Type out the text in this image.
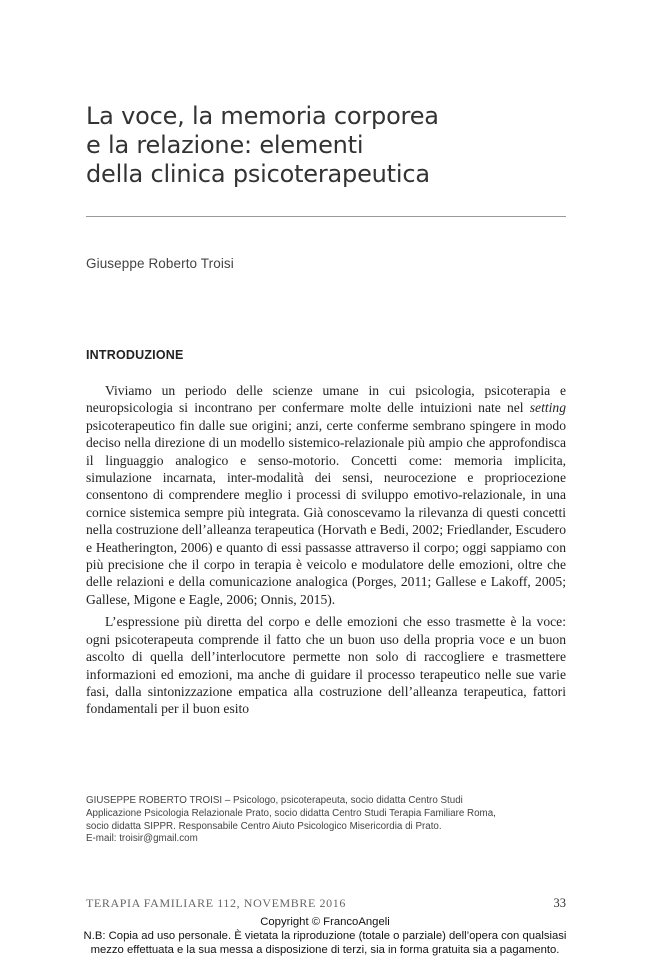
La voce, la memoria corporea
e la relazione: elementi
della clinica psicoterapeutica
Giuseppe Roberto Troisi
INTRODUZIONE

Viviamo un periodo delle scienze umane in cui psicologia, psicoterapia e neuropsicologia si incontrano per confermare molte delle intuizioni nate nel setting psicoterapeutico fin dalle sue origini; anzi, certe conferme sembrano spingere in modo deciso nella direzione di un modello sistemico-relazionale più ampio che approfondisca il linguaggio analogico e senso-motorio. Concetti come: memoria implicita, simulazione incarnata, inter-modalità dei sensi, neurocezione e propriocezione consentono di comprendere meglio i processi di sviluppo emotivo-relazionale, in una cornice sistemica sempre più integrata. Già conoscevamo la rilevanza di questi concetti nella costruzione dell’alleanza terapeutica (Horvath e Bedi, 2002; Friedlander, Escudero e Heatherington, 2006) e quanto di essi passasse attraverso il corpo; oggi sappiamo con più precisione che il corpo in terapia è veicolo e modulatore delle emozioni, oltre che delle relazioni e della comunicazione analogica (Porges, 2011; Gallese e Lakoff, 2005; Gallese, Migone e Eagle, 2006; Onnis, 2015).

L’espressione più diretta del corpo e delle emozioni che esso trasmette è la voce: ogni psicoterapeuta comprende il fatto che un buon uso della propria voce e un buon ascolto di quella dell’interlocutore permette non solo di raccogliere e trasmettere informazioni ed emozioni, ma anche di guidare il processo terapeutico nelle sue varie fasi, dalla sintonizzazione empatica alla costruzione dell’alleanza terapeutica, fattori fondamentali per il buon esito

GIUSEPPE ROBERTO TROISI – Psicologo, psicoterapeuta, socio didatta Centro Studi
Applicazione Psicologia Relazionale Prato, socio didatta Centro Studi Terapia Familiare Roma,
socio didatta SIPPR. Responsabile Centro Aiuto Psicologico Misericordia di Prato.
E-mail: troisir@gmail.com
TERAPIA FAMILIARE 112, NOVEMBRE 2016	33
Copyright © FrancoAngeli
N.B: Copia ad uso personale. È vietata la riproduzione (totale o parziale) dell’opera con qualsiasi
mezzo effettuata e la sua messa a disposizione di terzi, sia in forma gratuita sia a pagamento.
